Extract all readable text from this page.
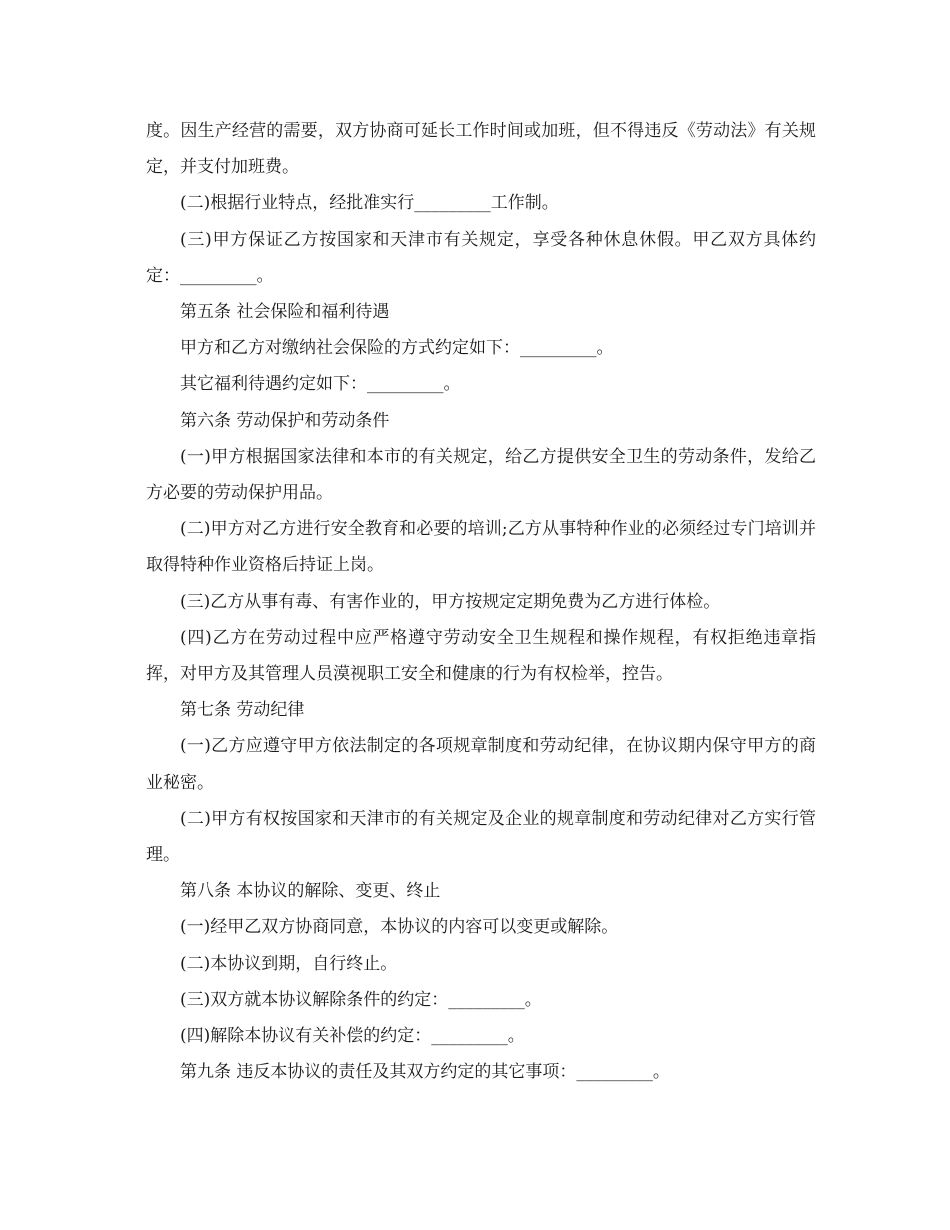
度。因生产经营的需要，双方协商可延长工作时间或加班，但不得违反《劳动法》有关规定，并支付加班费。

(二)根据行业特点，经批准实行_________工作制。

(三)甲方保证乙方按国家和天津市有关规定，享受各种休息休假。甲乙双方具体约定：_________。

第五条 社会保险和福利待遇

甲方和乙方对缴纳社会保险的方式约定如下：_________。

其它福利待遇约定如下：_________。

第六条 劳动保护和劳动条件

(一)甲方根据国家法律和本市的有关规定，给乙方提供安全卫生的劳动条件，发给乙方必要的劳动保护用品。

(二)甲方对乙方进行安全教育和必要的培训;乙方从事特种作业的必须经过专门培训并取得特种作业资格后持证上岗。

(三)乙方从事有毒、有害作业的，甲方按规定定期免费为乙方进行体检。

(四)乙方在劳动过程中应严格遵守劳动安全卫生规程和操作规程，有权拒绝违章指挥，对甲方及其管理人员漠视职工安全和健康的行为有权检举，控告。

第七条 劳动纪律

(一)乙方应遵守甲方依法制定的各项规章制度和劳动纪律，在协议期内保守甲方的商业秘密。

(二)甲方有权按国家和天津市的有关规定及企业的规章制度和劳动纪律对乙方实行管理。

第八条 本协议的解除、变更、终止

(一)经甲乙双方协商同意，本协议的内容可以变更或解除。

(二)本协议到期，自行终止。

(三)双方就本协议解除条件的约定：_________。

(四)解除本协议有关补偿的约定：_________。

第九条 违反本协议的责任及其双方约定的其它事项：_________。
